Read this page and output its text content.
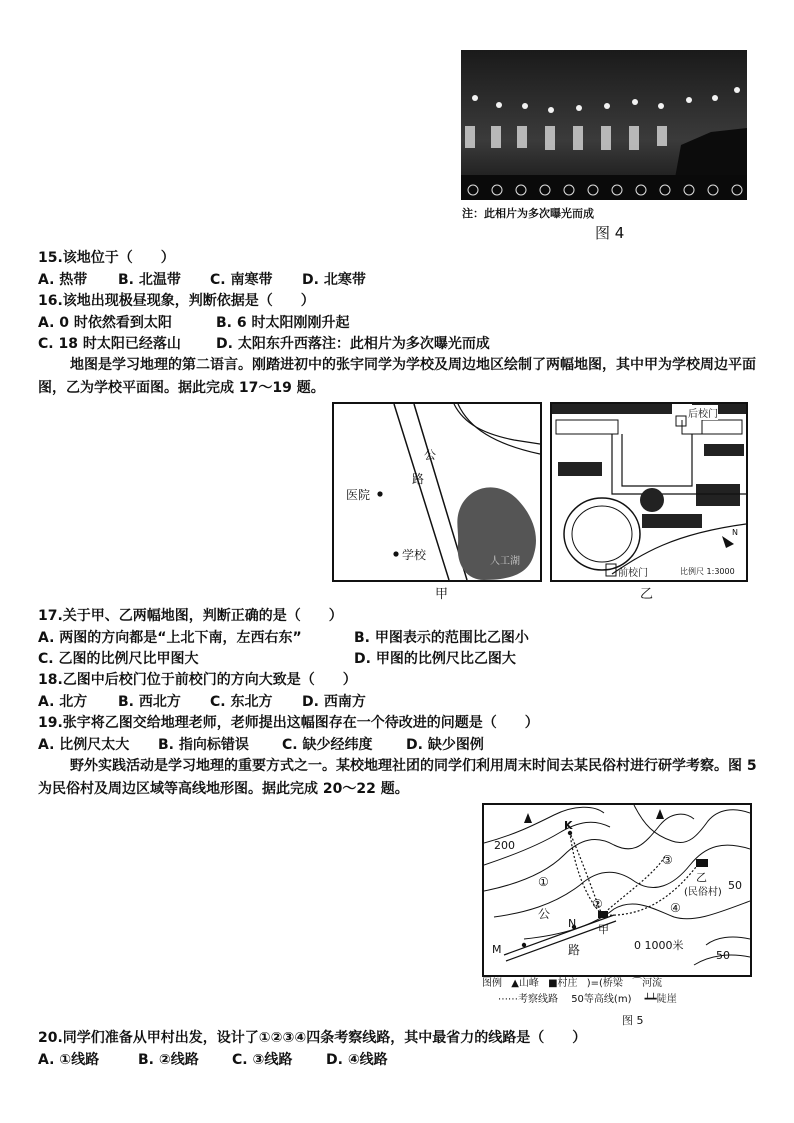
注：此相片为多次曝光而成
图 4
15.该地位于（　　）
A. 热带 B. 北温带 C. 南寒带 D. 北寒带
16.该地出现极昼现象，判断依据是（　　）
A. 0 时依然看到太阳	B. 6 时太阳刚刚升起
C. 18 时太阳已经落山	D. 太阳东升西落注：此相片为多次曝光而成
地图是学习地理的第二语言。刚踏进初中的张宇同学为学校及周边地区绘制了两幅地图，其中甲为学校周边平面图，乙为学校平面图。据此完成 17～19 题。
公
路
医院
学校	人工湖
甲
后校门
前校门	比例尺 1:3000
N
乙
17.关于甲、乙两幅地图，判断正确的是（　　）
A. 两图的方向都是“上北下南，左西右东”	B. 甲图表示的范围比乙图小
C. 乙图的比例尺比甲图大	D. 甲图的比例尺比乙图大
18.乙图中后校门位于前校门的方向大致是（　　）
A. 北方 B. 西北方 C. 东北方 D. 西南方
19.张宇将乙图交给地理老师，老师提出这幅图存在一个待改进的问题是（　　）
A. 比例尺太大 B. 指向标错误 C. 缺少经纬度 D. 缺少图例
野外实践活动是学习地理的重要方式之一。某校地理社团的同学们利用周末时间去某民俗村进行研学考察。图 5 为民俗村及周边区域等高线地形图。据此完成 20～22 题。
200
K
N
M
甲
乙
(民俗村)
50
50
公
路
①
②
③
④
0 1000米
图例 ▲山峰 ■村庄 )=(桥梁 ⌒河流
⋯⋯考察线路 50等高线(m) ┷┷陡崖
图 5
20.同学们准备从甲村出发，设计了①②③④四条考察线路，其中最省力的线路是（　　）
A. ①线路	B. ②线路 C. ③线路 D. ④线路
